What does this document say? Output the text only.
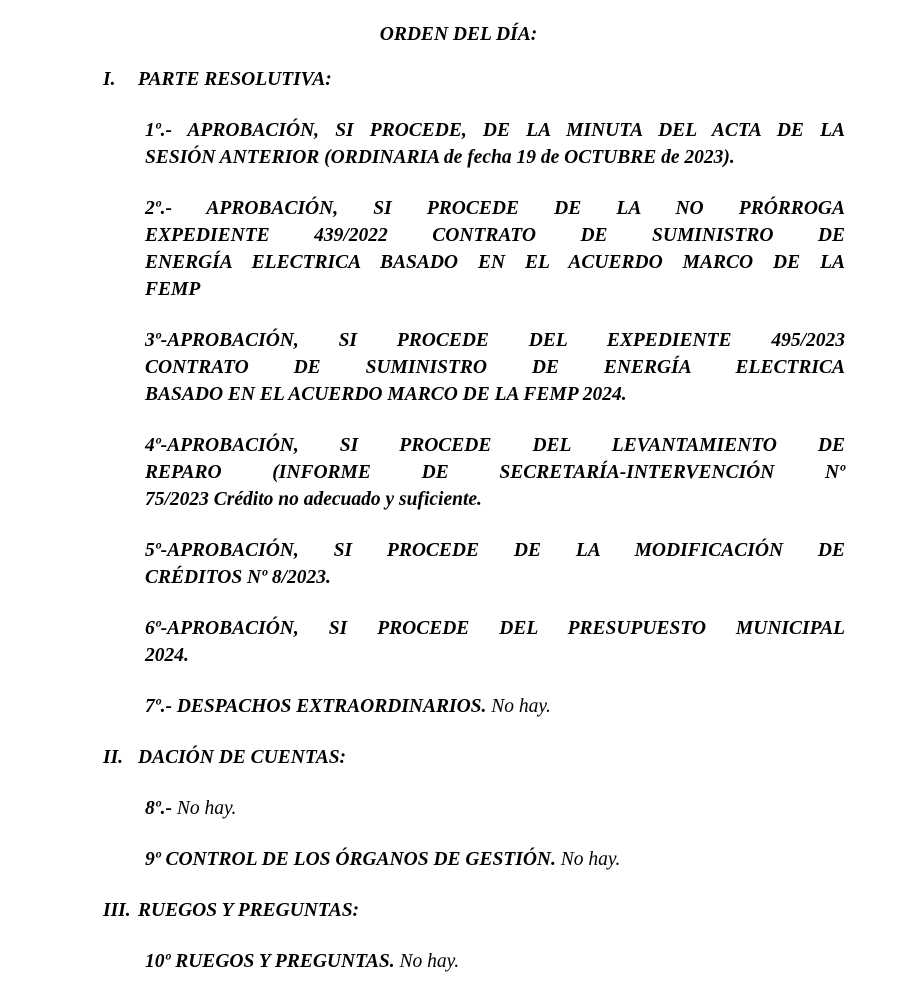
ORDEN DEL DÍA:
I.	PARTE RESOLUTIVA:
1º.- APROBACIÓN, SI PROCEDE, DE LA MINUTA DEL ACTA DE LA
SESIÓN ANTERIOR (ORDINARIA de fecha 19 de OCTUBRE de 2023).
2º.- APROBACIÓN, SI PROCEDE DE LA NO PRÓRROGA
EXPEDIENTE 439/2022 CONTRATO DE SUMINISTRO DE
ENERGÍA ELECTRICA BASADO EN EL ACUERDO MARCO DE LA
FEMP
3º-APROBACIÓN, SI PROCEDE DEL EXPEDIENTE 495/2023
CONTRATO DE SUMINISTRO DE ENERGÍA ELECTRICA
BASADO EN EL ACUERDO MARCO DE LA FEMP 2024.
4º-APROBACIÓN, SI PROCEDE DEL LEVANTAMIENTO DE
REPARO (INFORME DE SECRETARÍA-INTERVENCIÓN Nº
75/2023 Crédito no adecuado y suficiente.
5º-APROBACIÓN, SI PROCEDE DE LA MODIFICACIÓN DE
CRÉDITOS Nº 8/2023.
6º-APROBACIÓN, SI PROCEDE DEL PRESUPUESTO MUNICIPAL
2024.
7º.- DESPACHOS EXTRAORDINARIOS. No hay.
II. DACIÓN DE CUENTAS:
8º.- No hay.
9º CONTROL DE LOS ÓRGANOS DE GESTIÓN. No hay.
III. RUEGOS Y PREGUNTAS:
10º RUEGOS Y PREGUNTAS. No hay.
